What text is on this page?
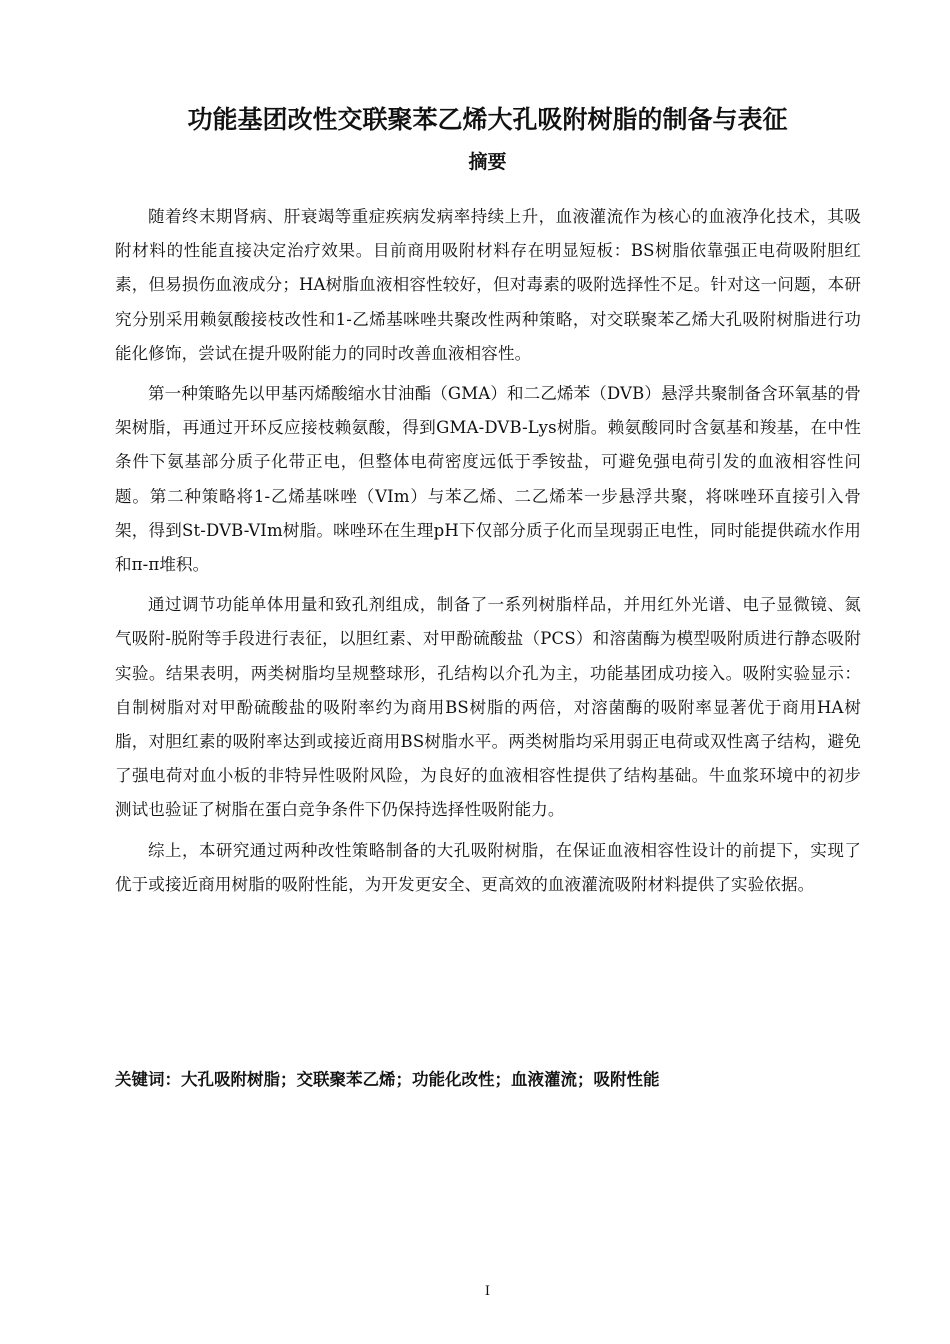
功能基团改性交联聚苯乙烯大孔吸附树脂的制备与表征
摘要

随着终末期肾病、肝衰竭等重症疾病发病率持续上升，血液灌流作为核心的血液净化技术，其吸附材料的性能直接决定治疗效果。目前商用吸附材料存在明显短板：BS树脂依靠强正电荷吸附胆红素，但易损伤血液成分；HA树脂血液相容性较好，但对毒素的吸附选择性不足。针对这一问题，本研究分别采用赖氨酸接枝改性和1-乙烯基咪唑共聚改性两种策略，对交联聚苯乙烯大孔吸附树脂进行功能化修饰，尝试在提升吸附能力的同时改善血液相容性。

第一种策略先以甲基丙烯酸缩水甘油酯（GMA）和二乙烯苯（DVB）悬浮共聚制备含环氧基的骨架树脂，再通过开环反应接枝赖氨酸，得到GMA-DVB-Lys树脂。赖氨酸同时含氨基和羧基，在中性条件下氨基部分质子化带正电，但整体电荷密度远低于季铵盐，可避免强电荷引发的血液相容性问题。第二种策略将1-乙烯基咪唑（VIm）与苯乙烯、二乙烯苯一步悬浮共聚，将咪唑环直接引入骨架，得到St-DVB-VIm树脂。咪唑环在生理pH下仅部分质子化而呈现弱正电性，同时能提供疏水作用和π-π堆积。

通过调节功能单体用量和致孔剂组成，制备了一系列树脂样品，并用红外光谱、电子显微镜、氮气吸附-脱附等手段进行表征，以胆红素、对甲酚硫酸盐（PCS）和溶菌酶为模型吸附质进行静态吸附实验。结果表明，两类树脂均呈规整球形，孔结构以介孔为主，功能基团成功接入。吸附实验显示：自制树脂对对甲酚硫酸盐的吸附率约为商用BS树脂的两倍，对溶菌酶的吸附率显著优于商用HA树脂，对胆红素的吸附率达到或接近商用BS树脂水平。两类树脂均采用弱正电荷或双性离子结构，避免了强电荷对血小板的非特异性吸附风险，为良好的血液相容性提供了结构基础。牛血浆环境中的初步测试也验证了树脂在蛋白竞争条件下仍保持选择性吸附能力。

综上，本研究通过两种改性策略制备的大孔吸附树脂，在保证血液相容性设计的前提下，实现了优于或接近商用树脂的吸附性能，为开发更安全、更高效的血液灌流吸附材料提供了实验依据。

关键词：大孔吸附树脂；交联聚苯乙烯；功能化改性；血液灌流；吸附性能

I
